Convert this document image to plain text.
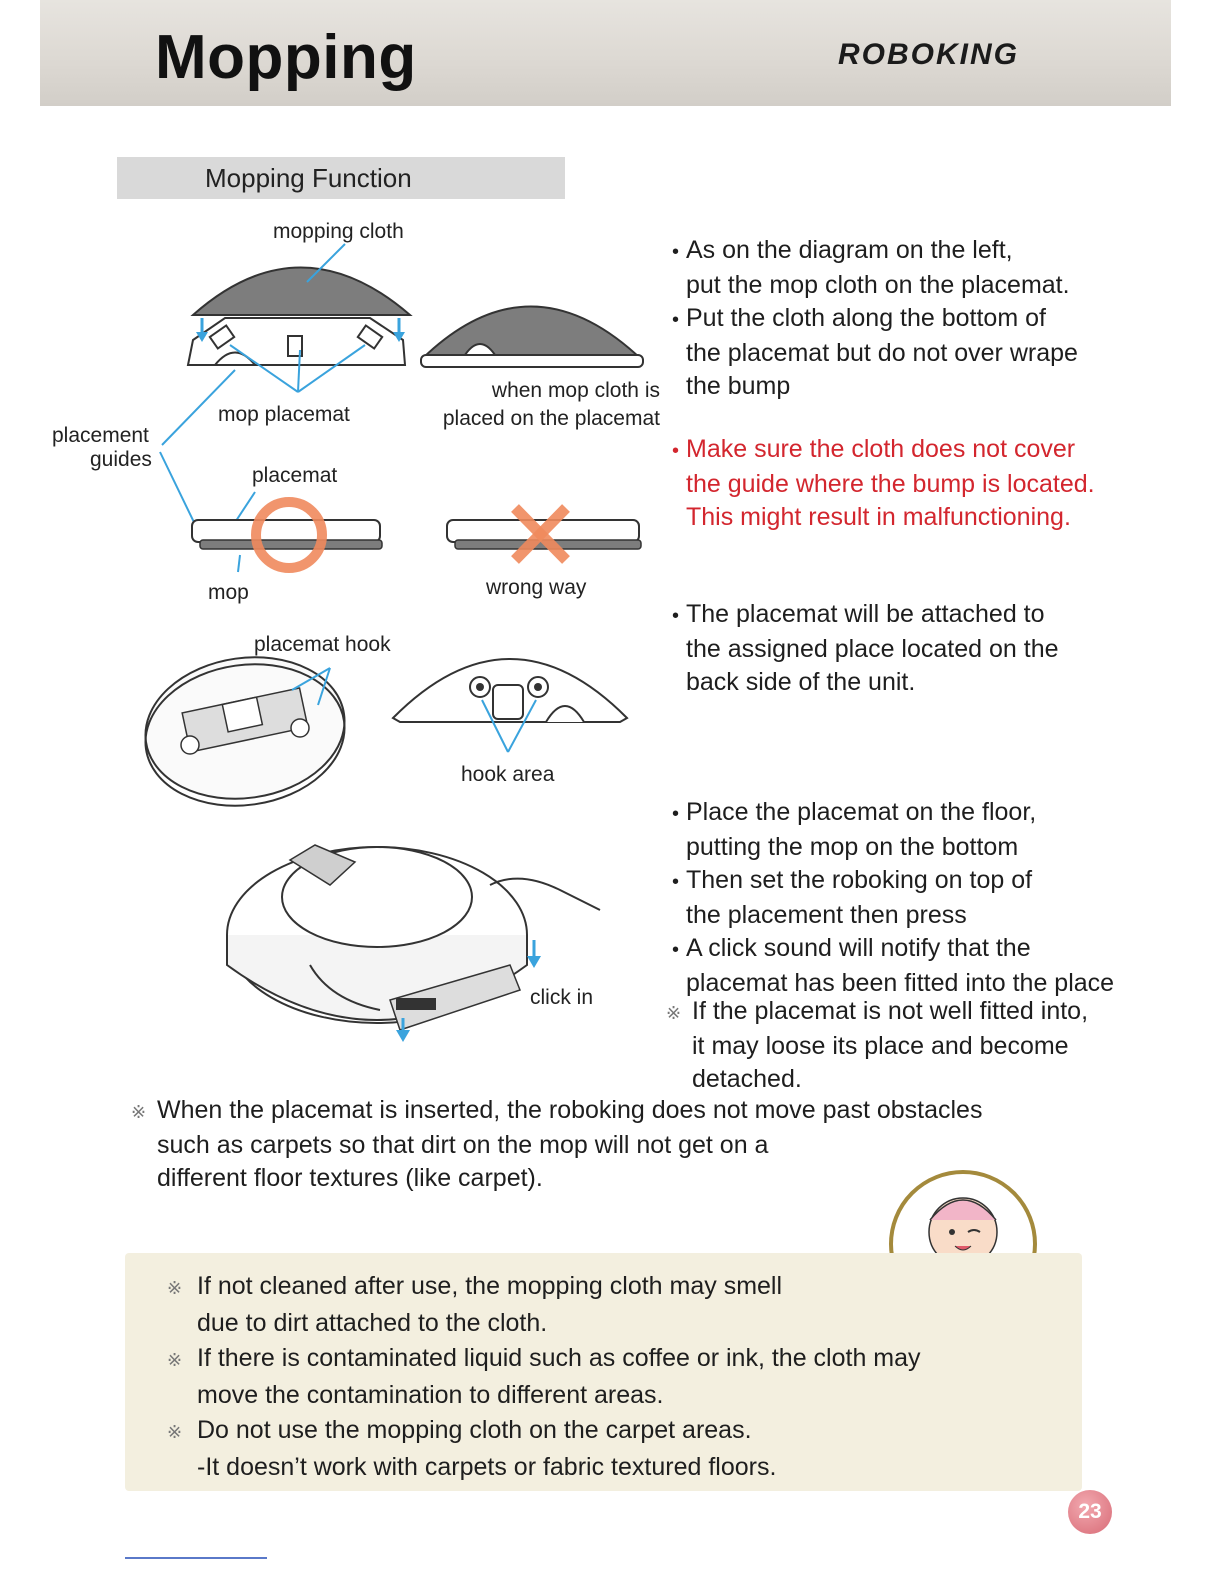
Mopping	ROBOKING
Mopping Function
mopping cloth
mop placemat
when mop cloth is
placed on the placemat
placement
guides
placemat
mop	wrong way
placemat hook
hook area
click in
• As on the diagram on the left,
put the mop cloth on the placemat.
• Put the cloth along the bottom of
the placemat but do not over wrape
the bump
• Make sure the cloth does not cover
the guide where the bump is located.
This might result in malfunctioning.
• The placemat will be attached to
the assigned place located on the
back side of the unit.
• Place the placemat on the floor,
putting the mop on the bottom
• Then set the roboking on top of
the placement then press
• A click sound will notify that the
placemat has been fitted into the place
※ If the placemat is not well fitted into,
it may loose its place and become
detached.
※ When the placemat is inserted, the roboking does not move past obstacles
such as carpets so that dirt on the mop will not get on a
different floor textures (like carpet).
※ If not cleaned after use, the mopping cloth may smell
due to dirt attached to the cloth.
※ If there is contaminated liquid such as coffee or ink, the cloth may
move the contamination to different areas.
※ Do not use the mopping cloth on the carpet areas.
-It doesn’t work with carpets or fabric textured floors.
23
